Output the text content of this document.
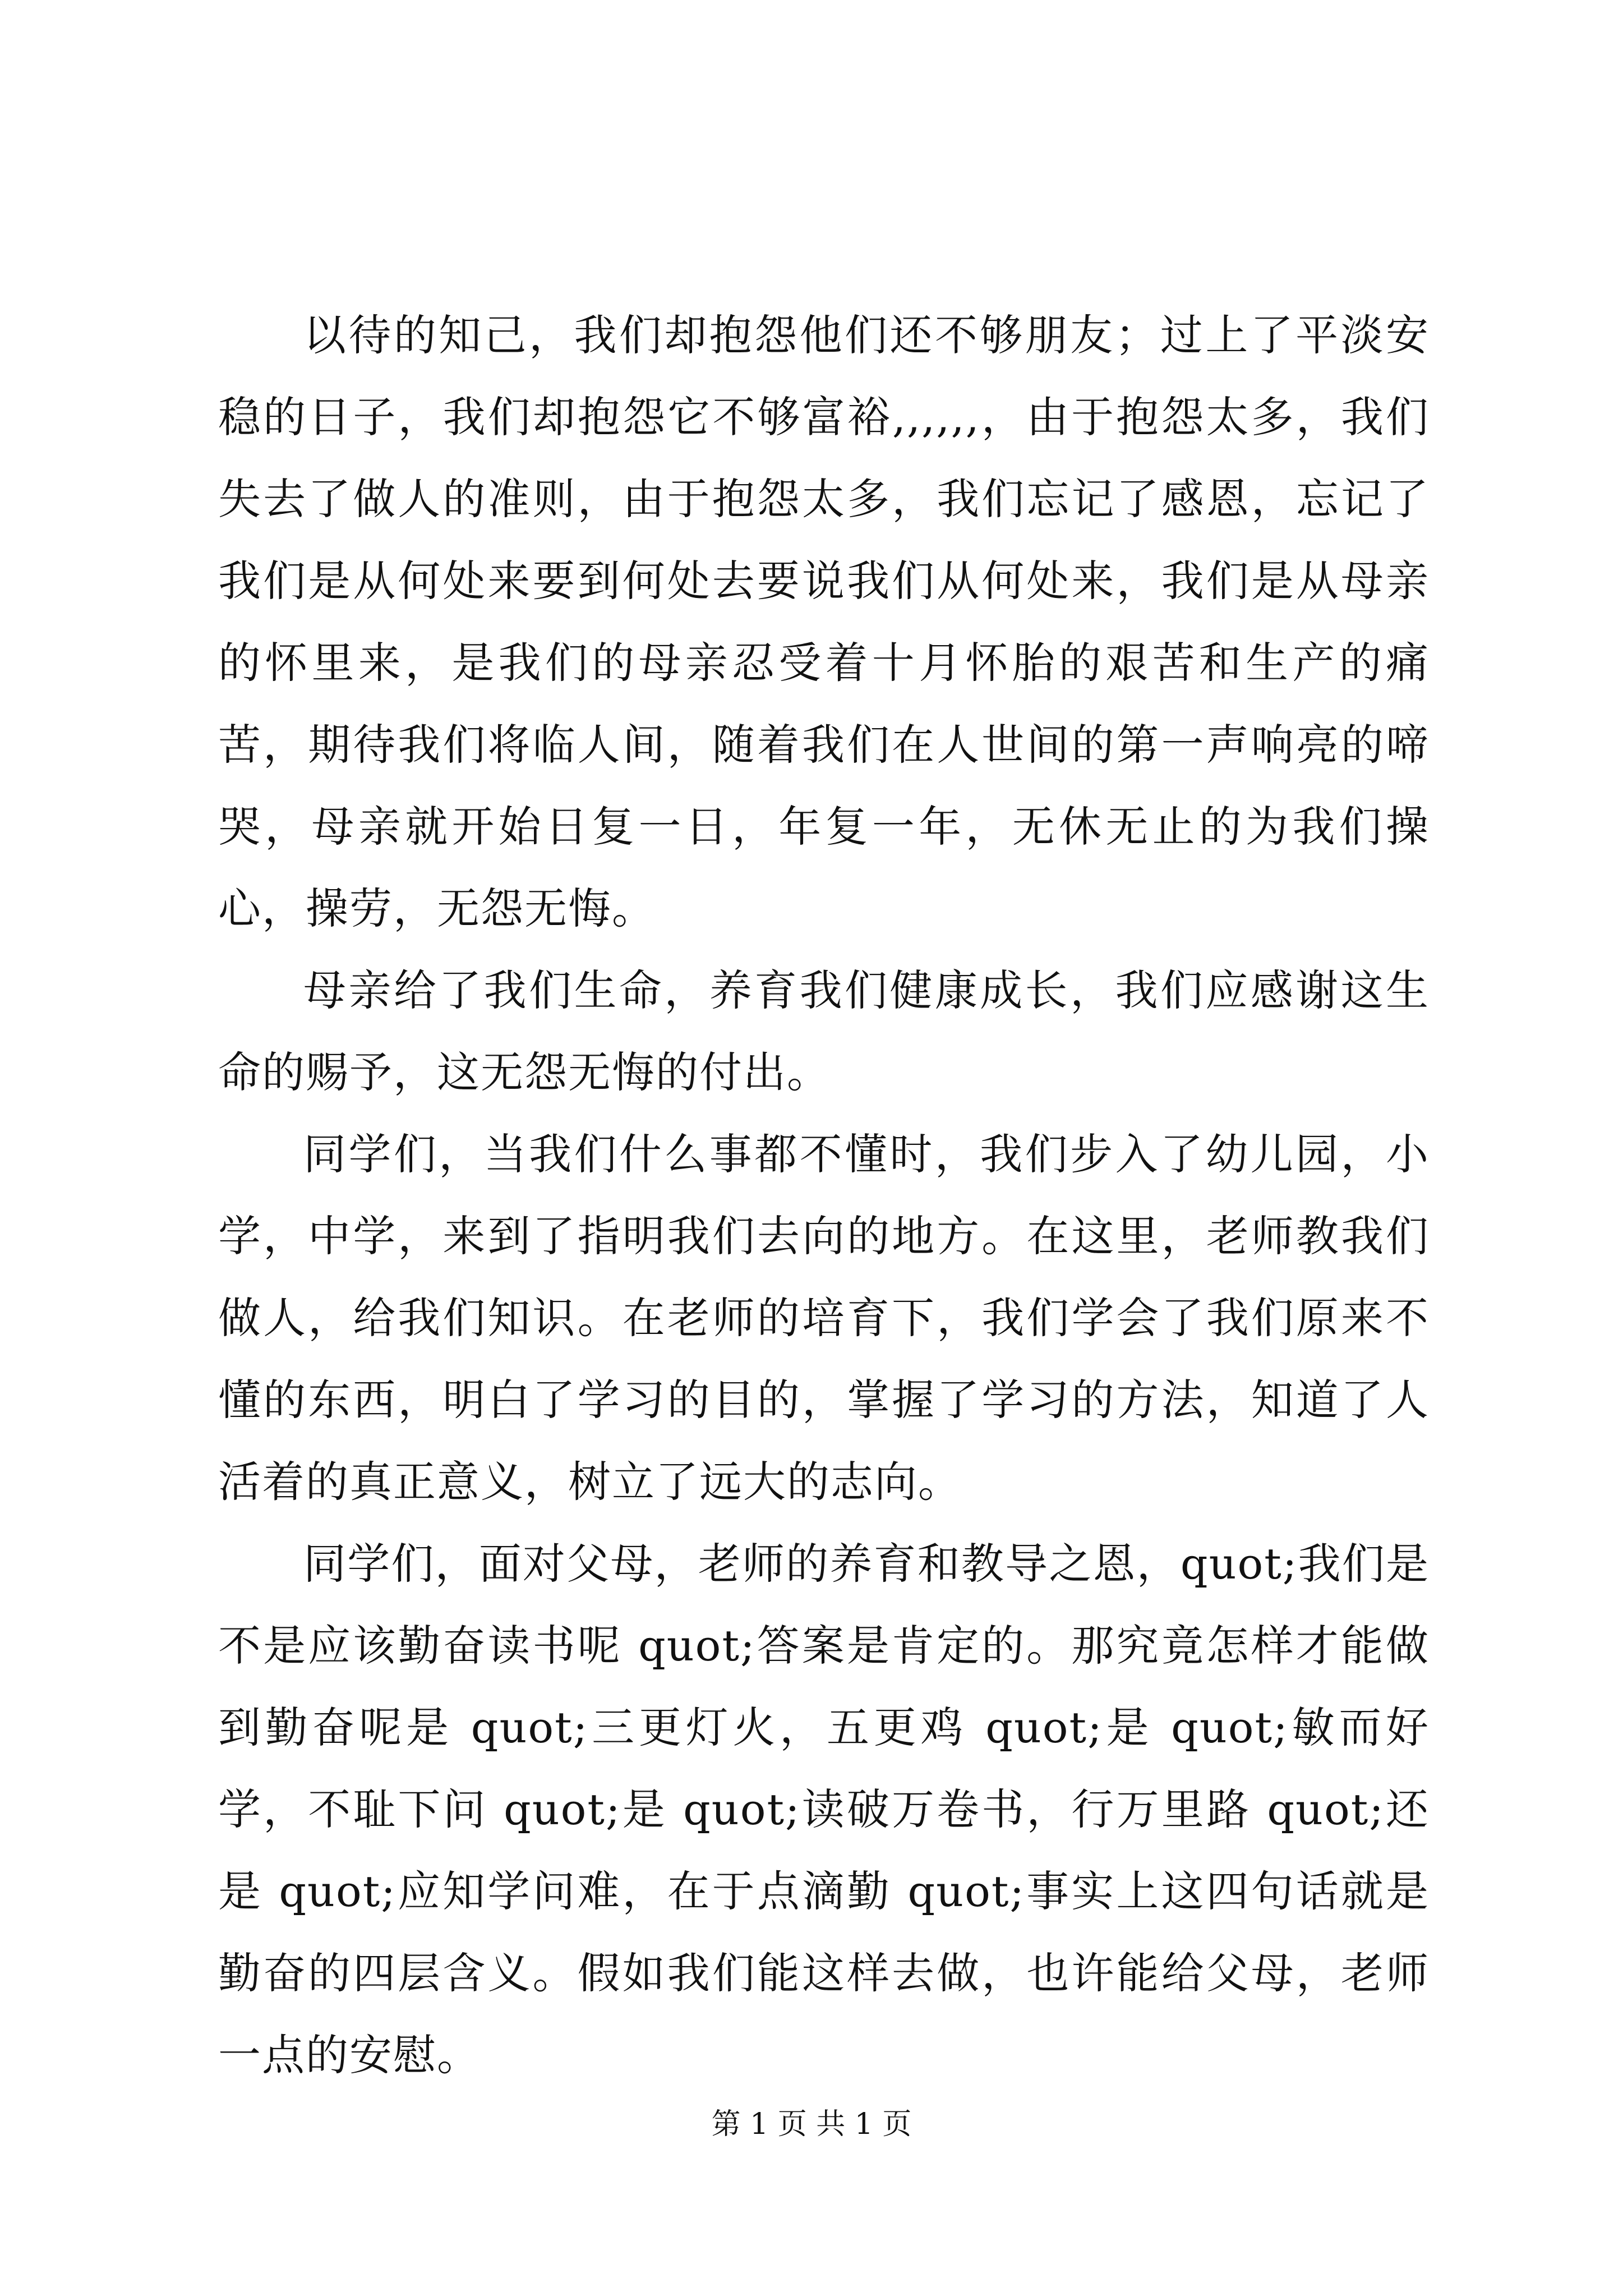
以待的知己，我们却抱怨他们还不够朋友；过上了平淡安稳的日子，我们却抱怨它不够富裕,,,,,,，由于抱怨太多，我们失去了做人的准则，由于抱怨太多，我们忘记了感恩，忘记了我们是从何处来要到何处去要说我们从何处来，我们是从母亲的怀里来，是我们的母亲忍受着十月怀胎的艰苦和生产的痛苦，期待我们将临人间，随着我们在人世间的第一声响亮的啼哭，母亲就开始日复一日，年复一年，无休无止的为我们操心，操劳，无怨无悔。

母亲给了我们生命，养育我们健康成长，我们应感谢这生命的赐予，这无怨无悔的付出。

同学们，当我们什么事都不懂时，我们步入了幼儿园，小学，中学，来到了指明我们去向的地方。在这里，老师教我们做人，给我们知识。在老师的培育下，我们学会了我们原来不懂的东西，明白了学习的目的，掌握了学习的方法，知道了人活着的真正意义，树立了远大的志向。

同学们，面对父母，老师的养育和教导之恩，quot;我们是不是应该勤奋读书呢 quot;答案是肯定的。那究竟怎样才能做到勤奋呢是 quot;三更灯火，五更鸡 quot;是 quot;敏而好学，不耻下问 quot;是 quot;读破万卷书，行万里路 quot;还是 quot;应知学问难，在于点滴勤 quot;事实上这四句话就是勤奋的四层含义。假如我们能这样去做，也许能给父母，老师一点的安慰。

第 1 页 共 1 页
